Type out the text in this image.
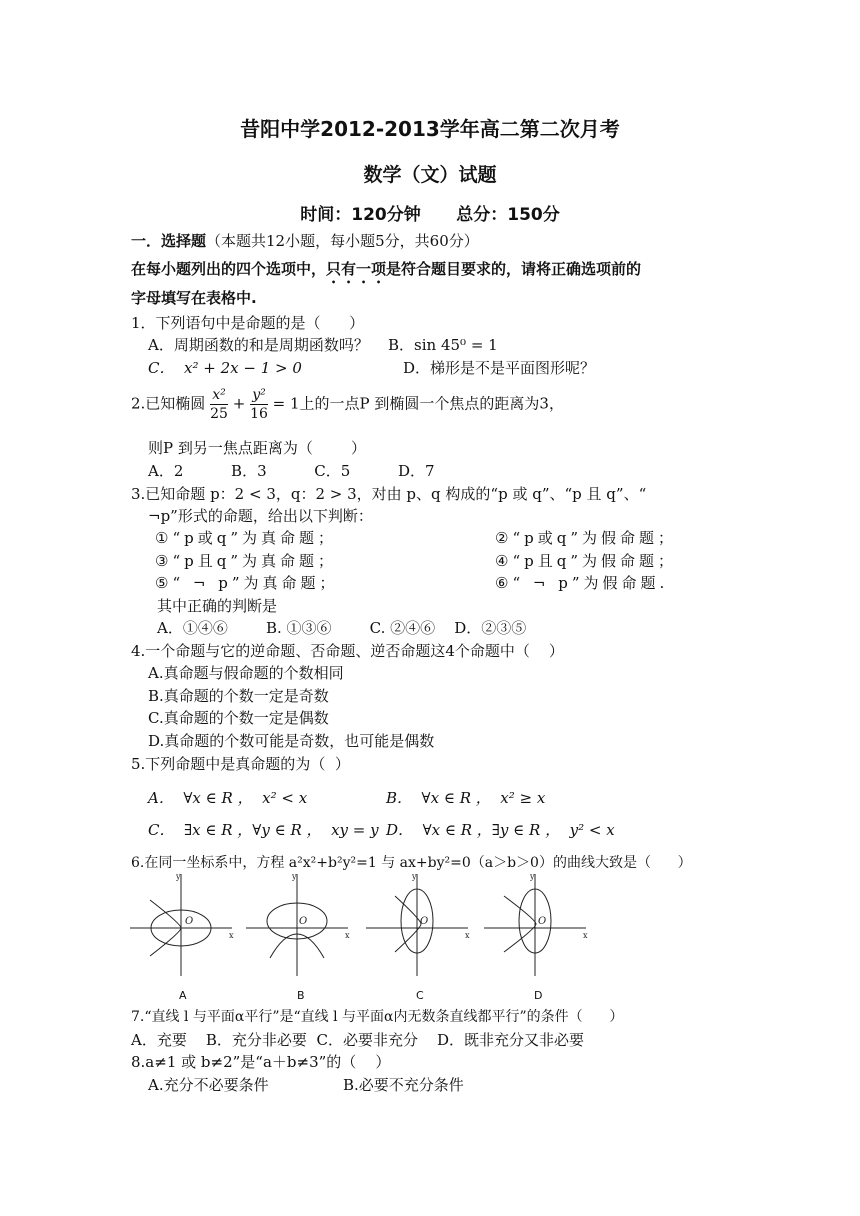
昔阳中学2012-2013学年高二第二次月考
数学（文）试题
时间：120分钟      总分：150分
一．选择题（本题共12小题，每小题5分，共60分）
在每小题列出的四个选项中，只有一项是符合题目要求的，请将正确选项前的
字母填写在表格中.
1．下列语句中是命题的是（      ）
A．周期函数的和是周期函数吗？ B．sin 45⁰ = 1
C．  x² + 2x − 1 > 0	D．梯形是不是平面图形呢？
2.已知椭圆 $\frac{\text{x²}}{25} + \frac{\text{y²}}{16} = 1$上的一点P 到椭圆一个焦点的距离为3，
则P 到另一焦点距离为（        ）
A．2          B．3          C．5          D．7
3.已知命题 p：2 < 3，q：2 > 3，对由 p、q 构成的“p 或 q”、“p 且 q”、“
¬p”形式的命题，给出以下判断：
①“p或q”为真命题；	②“p或q”为假命题；
③“p且q”为真命题；	④“p且q”为假命题；
⑤“ ¬ p”为真命题；	⑥“ ¬ p”为假命题.
其中正确的判断是
A．①④⑥        B. ①③⑥        C. ②④⑥    D．②③⑤
4.一个命题与它的逆命题、否命题、逆否命题这4个命题中（    ）
A.真命题与假命题的个数相同
B.真命题的个数一定是奇数
C.真命题的个数一定是偶数
D.真命题的个数可能是奇数，也可能是偶数
5.下列命题中是真命题的为（  ）
A．  ∀x ∈ R ，  x² < x	B．  ∀x ∈ R ，  x² ≥ x
C．  ∃x ∈ R ，∀y ∈ R ，  xy = y D．  ∀x ∈ R ，∃y ∈ R ，  y² < x
6.在同一坐标系中，方程 a²x²+b²y²=1 与 ax+by²=0（a＞b＞0）的曲线大致是（      ）
y
x
O
y
x
O
y
x
O
y
x
O
A	B	C	D
7.“直线 l 与平面α平行”是“直线 l 与平面α内无数条直线都平行”的条件（      ）
A．充要    B．充分非必要  C．必要非充分    D．既非充分又非必要
8.a≠1 或 b≠2”是“a＋b≠3”的（    ）
A.充分不必要条件	B.必要不充分条件
